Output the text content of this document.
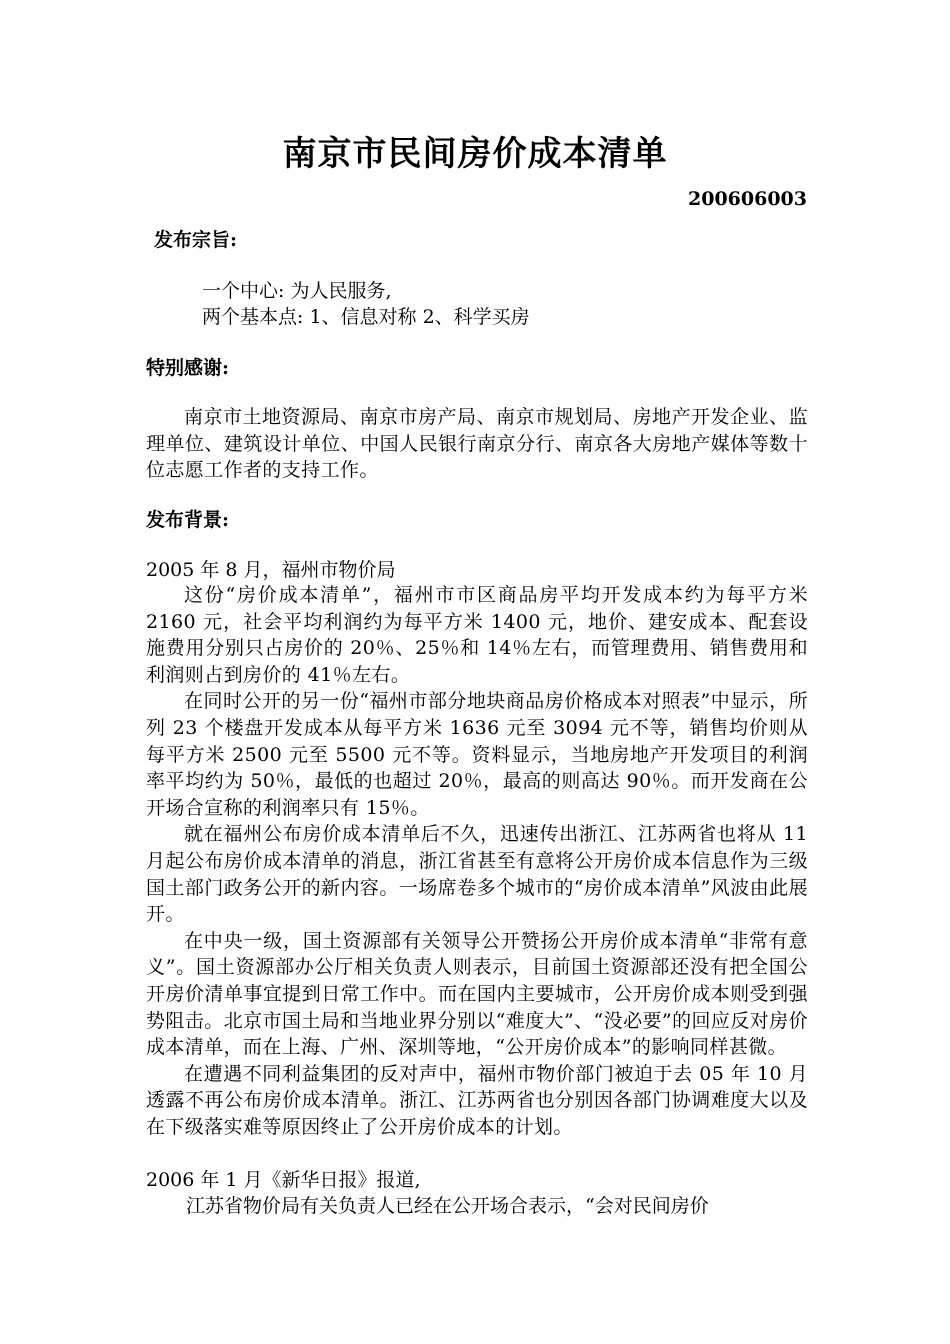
南京市民间房价成本清单
200606003
发布宗旨:
一个中心: 为人民服务,
两个基本点: 1、信息对称 2、科学买房
特别感谢:

南京市土地资源局、南京市房产局、南京市规划局、房地产开发企业、监理单位、建筑设计单位、中国人民银行南京分行、南京各大房地产媒体等数十位志愿工作者的支持工作。

发布背景:
2005 年 8 月，福州市物价局

这份“房价成本清单”，福州市市区商品房平均开发成本约为每平方米 2160 元，社会平均利润约为每平方米 1400 元，地价、建安成本、配套设施费用分别只占房价的 20％、25％和 14％左右，而管理费用、销售费用和利润则占到房价的 41％左右。

在同时公开的另一份“福州市部分地块商品房价格成本对照表”中显示，所列 23 个楼盘开发成本从每平方米 1636 元至 3094 元不等，销售均价则从每平方米 2500 元至 5500 元不等。资料显示，当地房地产开发项目的利润率平均约为 50％，最低的也超过 20％，最高的则高达 90％。而开发商在公开场合宣称的利润率只有 15％。

就在福州公布房价成本清单后不久，迅速传出浙江、江苏两省也将从 11 月起公布房价成本清单的消息，浙江省甚至有意将公开房价成本信息作为三级国土部门政务公开的新内容。一场席卷多个城市的“房价成本清单”风波由此展开。

在中央一级，国土资源部有关领导公开赞扬公开房价成本清单“非常有意义”。国土资源部办公厅相关负责人则表示，目前国土资源部还没有把全国公开房价清单事宜提到日常工作中。而在国内主要城市，公开房价成本则受到强势阻击。北京市国土局和当地业界分别以“难度大”、“没必要”的回应反对房价成本清单，而在上海、广州、深圳等地，“公开房价成本”的影响同样甚微。

在遭遇不同利益集团的反对声中，福州市物价部门被迫于去 05 年 10 月透露不再公布房价成本清单。浙江、江苏两省也分别因各部门协调难度大以及在下级落实难等原因终止了公开房价成本的计划。

2006 年 1 月《新华日报》报道,
江苏省物价局有关负责人已经在公开场合表示，“会对民间房价
